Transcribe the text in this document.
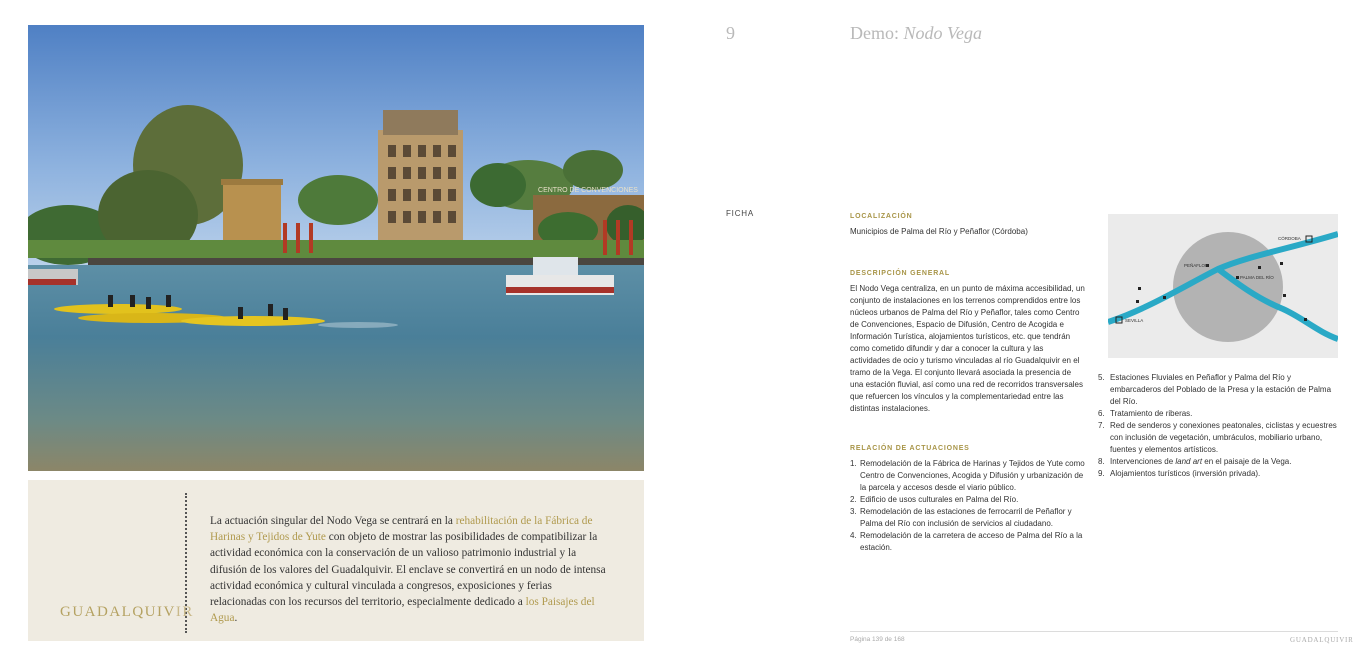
CENTRO DE CONVENCIONES
GUADALQUIVIR
La actuación singular del Nodo Vega se centrará en la rehabilitación de la Fábrica de Harinas y Tejidos de Yute con objeto de mostrar las posibilidades de compatibilizar la actividad económica con la conservación de un valioso patrimonio industrial y la difusión de los valores del Guadalquivir. El enclave se convertirá en un nodo de intensa actividad económica y cultural vinculada a congresos, exposiciones y ferias relacionadas con los recursos del territorio, especialmente dedicado a los Paisajes del Agua.
9	Demo: Nodo Vega
FICHA	LOCALIZACIÓN
Municipios de Palma del Río y Peñaflor (Córdoba)
DESCRIPCIÓN GENERAL
El Nodo Vega centraliza, en un punto de máxima accesibilidad, un conjunto de instalaciones en los terrenos comprendidos entre los núcleos urbanos de Palma del Río y Peñaflor, tales como Centro de Convenciones, Espacio de Difusión, Centro de Acogida e Información Turística, alojamientos turísticos, etc. que tendrán como cometido difundir y dar a conocer la cultura y las actividades de ocio y turismo vinculadas al río Guadalquivir en el tramo de la Vega. El conjunto llevará asociada la presencia de una estación fluvial, así como una red de recorridos transversales que refuercen los vínculos y la complementariedad entre las distintas instalaciones.
RELACIÓN DE ACTUACIONES
1. Remodelación de la Fábrica de Harinas y Tejidos de Yute como Centro de Convenciones, Acogida y Difusión y urbanización de la parcela y accesos desde el viario público.
2. Edificio de usos culturales en Palma del Río.
3. Remodelación de las estaciones de ferrocarril de Peñaflor y Palma del Río con inclusión de servicios al ciudadano.
4. Remodelación de la carretera de acceso de Palma del Río a la estación.
CÓRDOBA
PEÑAFLOR
PALMA DEL RÍO
SEVILLA
5. Estaciones Fluviales en Peñaflor y Palma del Río y embarcaderos del Poblado de la Presa y la estación de Palma del Río.
6. Tratamiento de riberas.
7. Red de senderos y conexiones peatonales, ciclistas y ecuestres con inclusión de vegetación, umbráculos, mobiliario urbano, fuentes y elementos artísticos.
8. Intervenciones de land art en el paisaje de la Vega.
9. Alojamientos turísticos (inversión privada).
Página 139 de 168	GUADALQUIVIR
